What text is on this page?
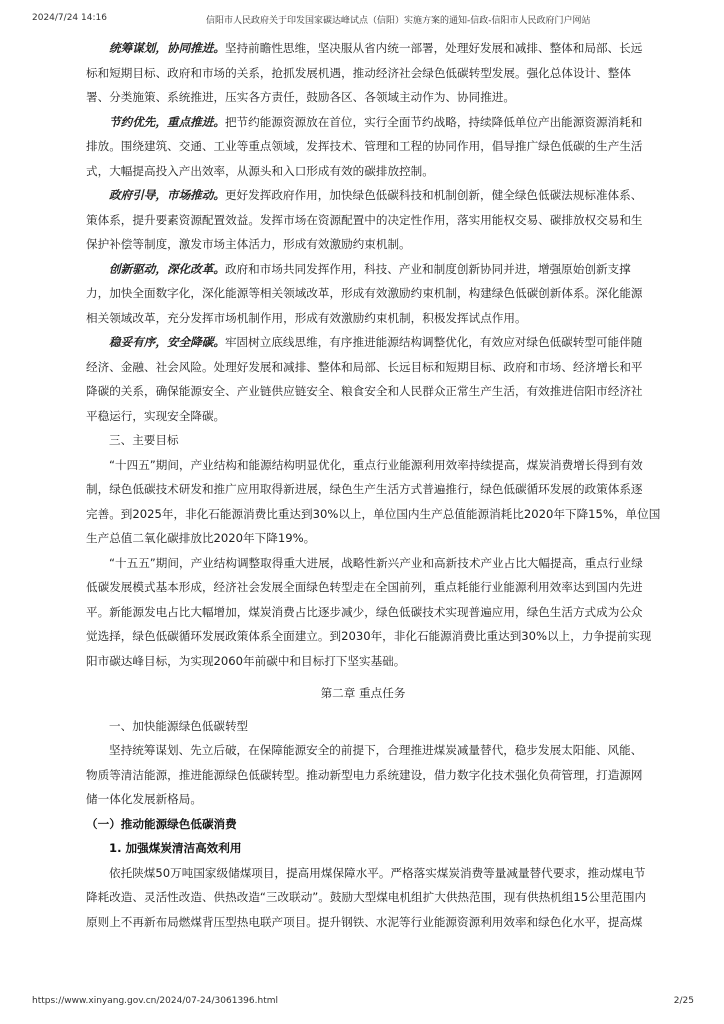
2024/7/24 14:16	信阳市人民政府关于印发国家碳达峰试点（信阳）实施方案的通知-信政-信阳市人民政府门户网站
统筹谋划，协同推进。坚持前瞻性思维，坚决服从省内统一部署，处理好发展和减排、整体和局部、长远
标和短期目标、政府和市场的关系，抢抓发展机遇，推动经济社会绿色低碳转型发展。强化总体设计、整体
署、分类施策、系统推进，压实各方责任，鼓励各区、各领域主动作为、协同推进。
节约优先，重点推进。把节约能源资源放在首位，实行全面节约战略，持续降低单位产出能源资源消耗和
排放。围绕建筑、交通、工业等重点领域，发挥技术、管理和工程的协同作用，倡导推广绿色低碳的生产生活
式，大幅提高投入产出效率，从源头和入口形成有效的碳排放控制。
政府引导，市场推动。更好发挥政府作用，加快绿色低碳科技和机制创新，健全绿色低碳法规标准体系、
策体系，提升要素资源配置效益。发挥市场在资源配置中的决定性作用，落实用能权交易、碳排放权交易和生
保护补偿等制度，激发市场主体活力，形成有效激励约束机制。
创新驱动，深化改革。政府和市场共同发挥作用，科技、产业和制度创新协同并进，增强原始创新支撑
力，加快全面数字化，深化能源等相关领域改革，形成有效激励约束机制，构建绿色低碳创新体系。深化能源
相关领域改革，充分发挥市场机制作用，形成有效激励约束机制，积极发挥试点作用。
稳妥有序，安全降碳。牢固树立底线思维，有序推进能源结构调整优化，有效应对绿色低碳转型可能伴随
经济、金融、社会风险。处理好发展和减排、整体和局部、长远目标和短期目标、政府和市场、经济增长和平
降碳的关系，确保能源安全、产业链供应链安全、粮食安全和人民群众正常生产生活，有效推进信阳市经济社
平稳运行，实现安全降碳。
三、主要目标
“十四五”期间，产业结构和能源结构明显优化，重点行业能源利用效率持续提高，煤炭消费增长得到有效
制，绿色低碳技术研发和推广应用取得新进展，绿色生产生活方式普遍推行，绿色低碳循环发展的政策体系逐
完善。到2025年，非化石能源消费比重达到30%以上，单位国内生产总值能源消耗比2020年下降15%，单位国
生产总值二氧化碳排放比2020年下降19%。
“十五五”期间，产业结构调整取得重大进展，战略性新兴产业和高新技术产业占比大幅提高，重点行业绿
低碳发展模式基本形成，经济社会发展全面绿色转型走在全国前列，重点耗能行业能源利用效率达到国内先进
平。新能源发电占比大幅增加，煤炭消费占比逐步减少，绿色低碳技术实现普遍应用，绿色生活方式成为公众
觉选择，绿色低碳循环发展政策体系全面建立。到2030年，非化石能源消费比重达到30%以上，力争提前实现
阳市碳达峰目标，为实现2060年前碳中和目标打下坚实基础。
第二章 重点任务
一、加快能源绿色低碳转型
坚持统筹谋划、先立后破，在保障能源安全的前提下，合理推进煤炭减量替代，稳步发展太阳能、风能、
物质等清洁能源，推进能源绿色低碳转型。推动新型电力系统建设，借力数字化技术强化负荷管理，打造源网
储一体化发展新格局。
（一）推动能源绿色低碳消费
1. 加强煤炭清洁高效利用
依托陕煤50万吨国家级储煤项目，提高用煤保障水平。严格落实煤炭消费等量减量替代要求，推动煤电节
降耗改造、灵活性改造、供热改造“三改联动”。鼓励大型煤电机组扩大供热范围，现有供热机组15公里范围内
原则上不再新布局燃煤背压型热电联产项目。提升钢铁、水泥等行业能源资源利用效率和绿色化水平，提高煤
https://www.xinyang.gov.cn/2024/07-24/3061396.html	2/25
